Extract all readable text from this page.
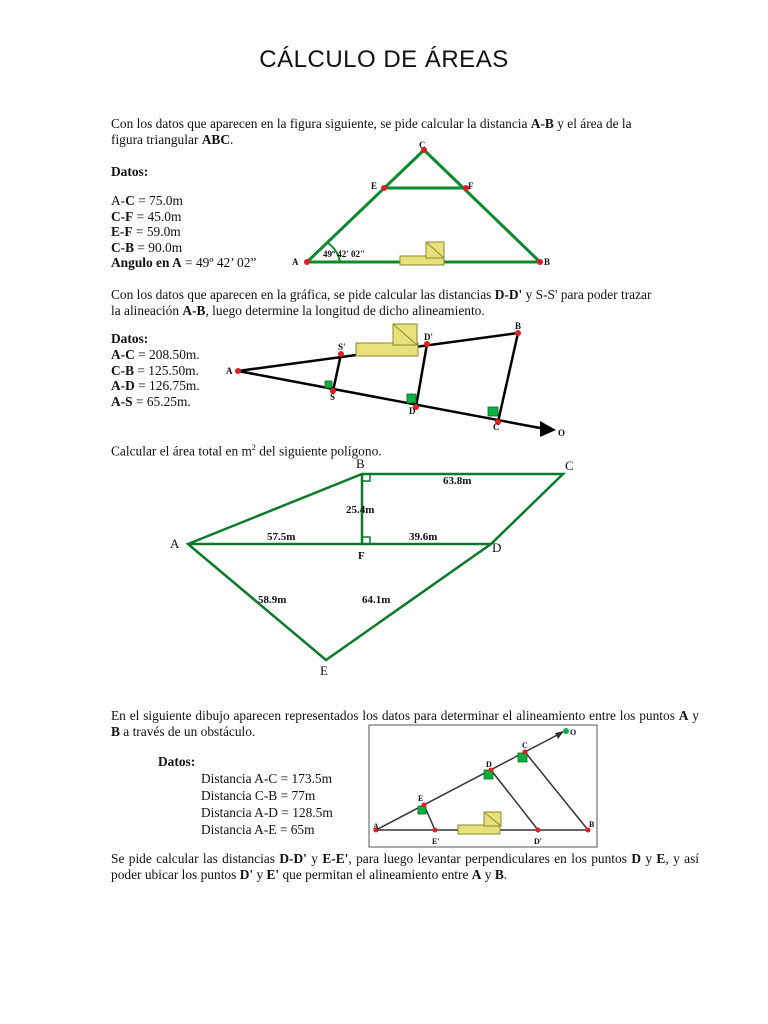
CÁLCULO DE ÁREAS
Con los datos que aparecen en la figura siguiente, se pide calcular la distancia A-B y el área de la figura triangular ABC.
Datos:
A-C = 75.0m
C-F = 45.0m
E-F = 59.0m
C-B = 90.0m
Angulo en A = 49º 42’ 02”	A	B
C
E	F
49º 42' 02"
Con los datos que aparecen en la gráfica, se pide calcular las distancias D-D' y S-S' para poder trazar la alineación A-B, luego determine la longitud de dicho alineamiento.
Datos:
A-C = 208.50m.
C-B = 125.50m.
A-D = 126.75m.
A-S = 65.25m.
A
S'
D'
B
S
D
C
O
Calcular el área total en $m^2$ del siguiente polígono.
A
B	C
D
E
F
63.8m
25.4m
57.5m	39.6m
58.9m	64.1m
En el siguiente dibujo aparecen representados los datos para determinar el alineamiento entre los puntos A y B a través de un obstáculo.
Datos:
Distancia A-C = 173.5m
Distancia C-B = 77m
Distancia A-D = 128.5m
Distancia A-E = 65m	A	B
E
E'
D
D'
C
O
Se pide calcular las distancias D-D' y E-E', para luego levantar perpendiculares en los puntos D y E, y así poder ubicar los puntos D' y E' que permitan el alineamiento entre A y B.
